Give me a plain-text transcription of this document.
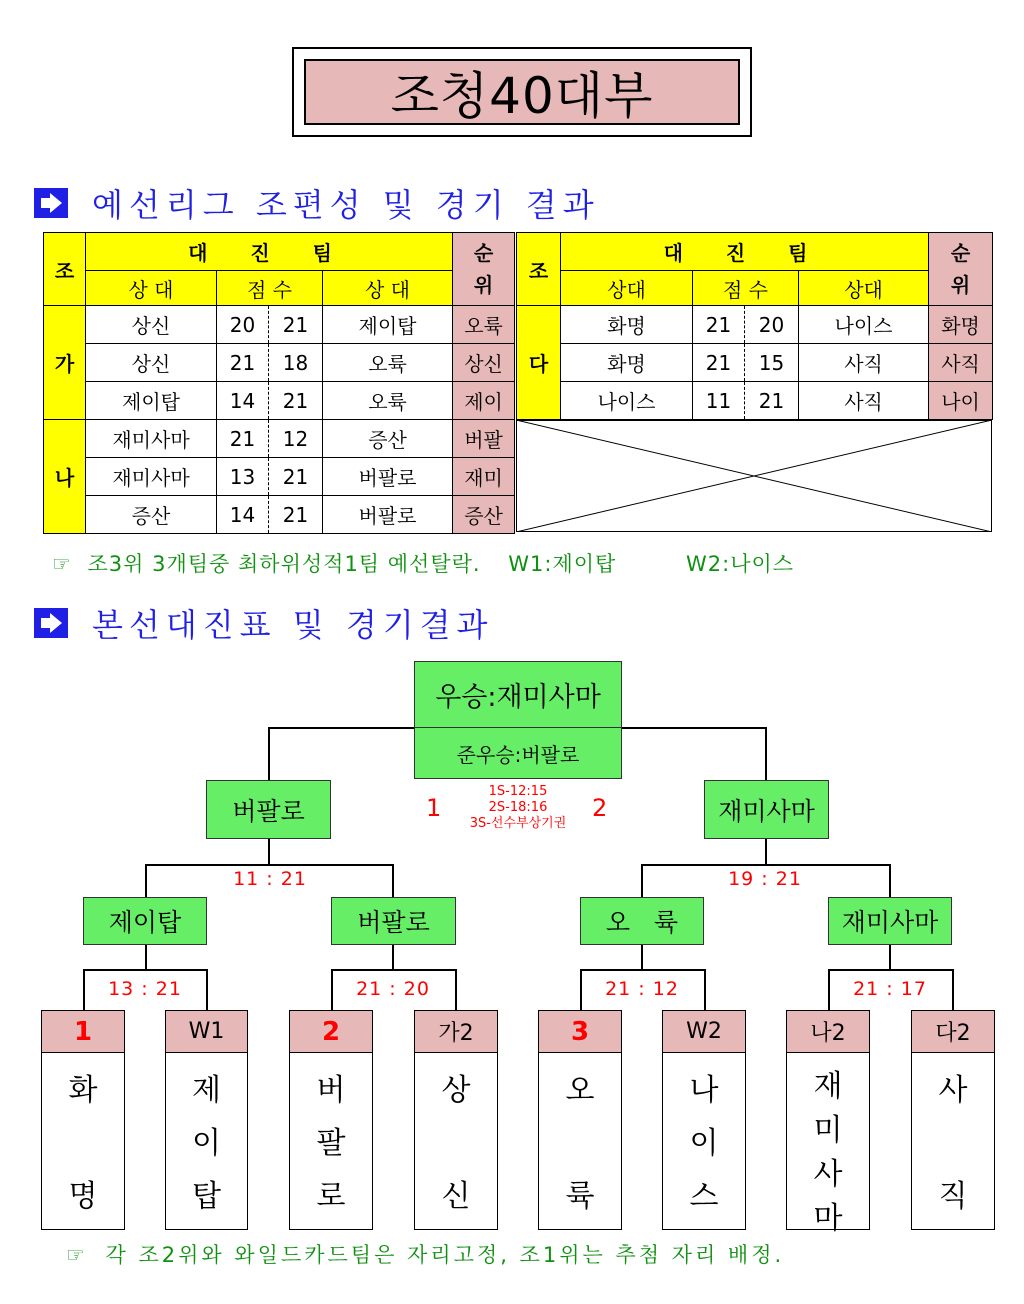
조청40대부
예선리그 조편성 및 경기 결과
조	대 진 팀				순
위
	상 대	점 수		상 대	
가	상신	20	21	제이탑	오륙
	상신	21	18	오륙	상신
	제이탑	14	21	오륙	제이
나	재미사마	21	12	증산	버팔
	재미사마	13	21	버팔로	재미
	증산	14	21	버팔로	증산
조	대 진 팀				순
위
	상대	점 수		상대	
다	화명	21	20	나이스	화명
	화명	21	15	사직	사직
	나이스	11	21	사직	나이
☞ 조3위 3개팀중 최하위성적1팀 예선탈락. W1:제이탑	W2:나이스
본선대진표 및 경기결과
우승:재미사마
준우승:버팔로
버팔로	재미사마
1	2
1S-12:15
2S-18:16
3S-선수부상기권
11 : 21	19 : 21
제이탑	버팔로	오   륙	재미사마
13 : 21	21 : 20	21 : 12	21 : 17
1	W1	2	가2	3	W2	나2	다2
화
명
제
이
탑
버
팔
로
상
신
오
륙
나
이
스
재
미
사
마
사
직
☞ 각 조2위와 와일드카드팀은 자리고정, 조1위는 추첨 자리 배정.
